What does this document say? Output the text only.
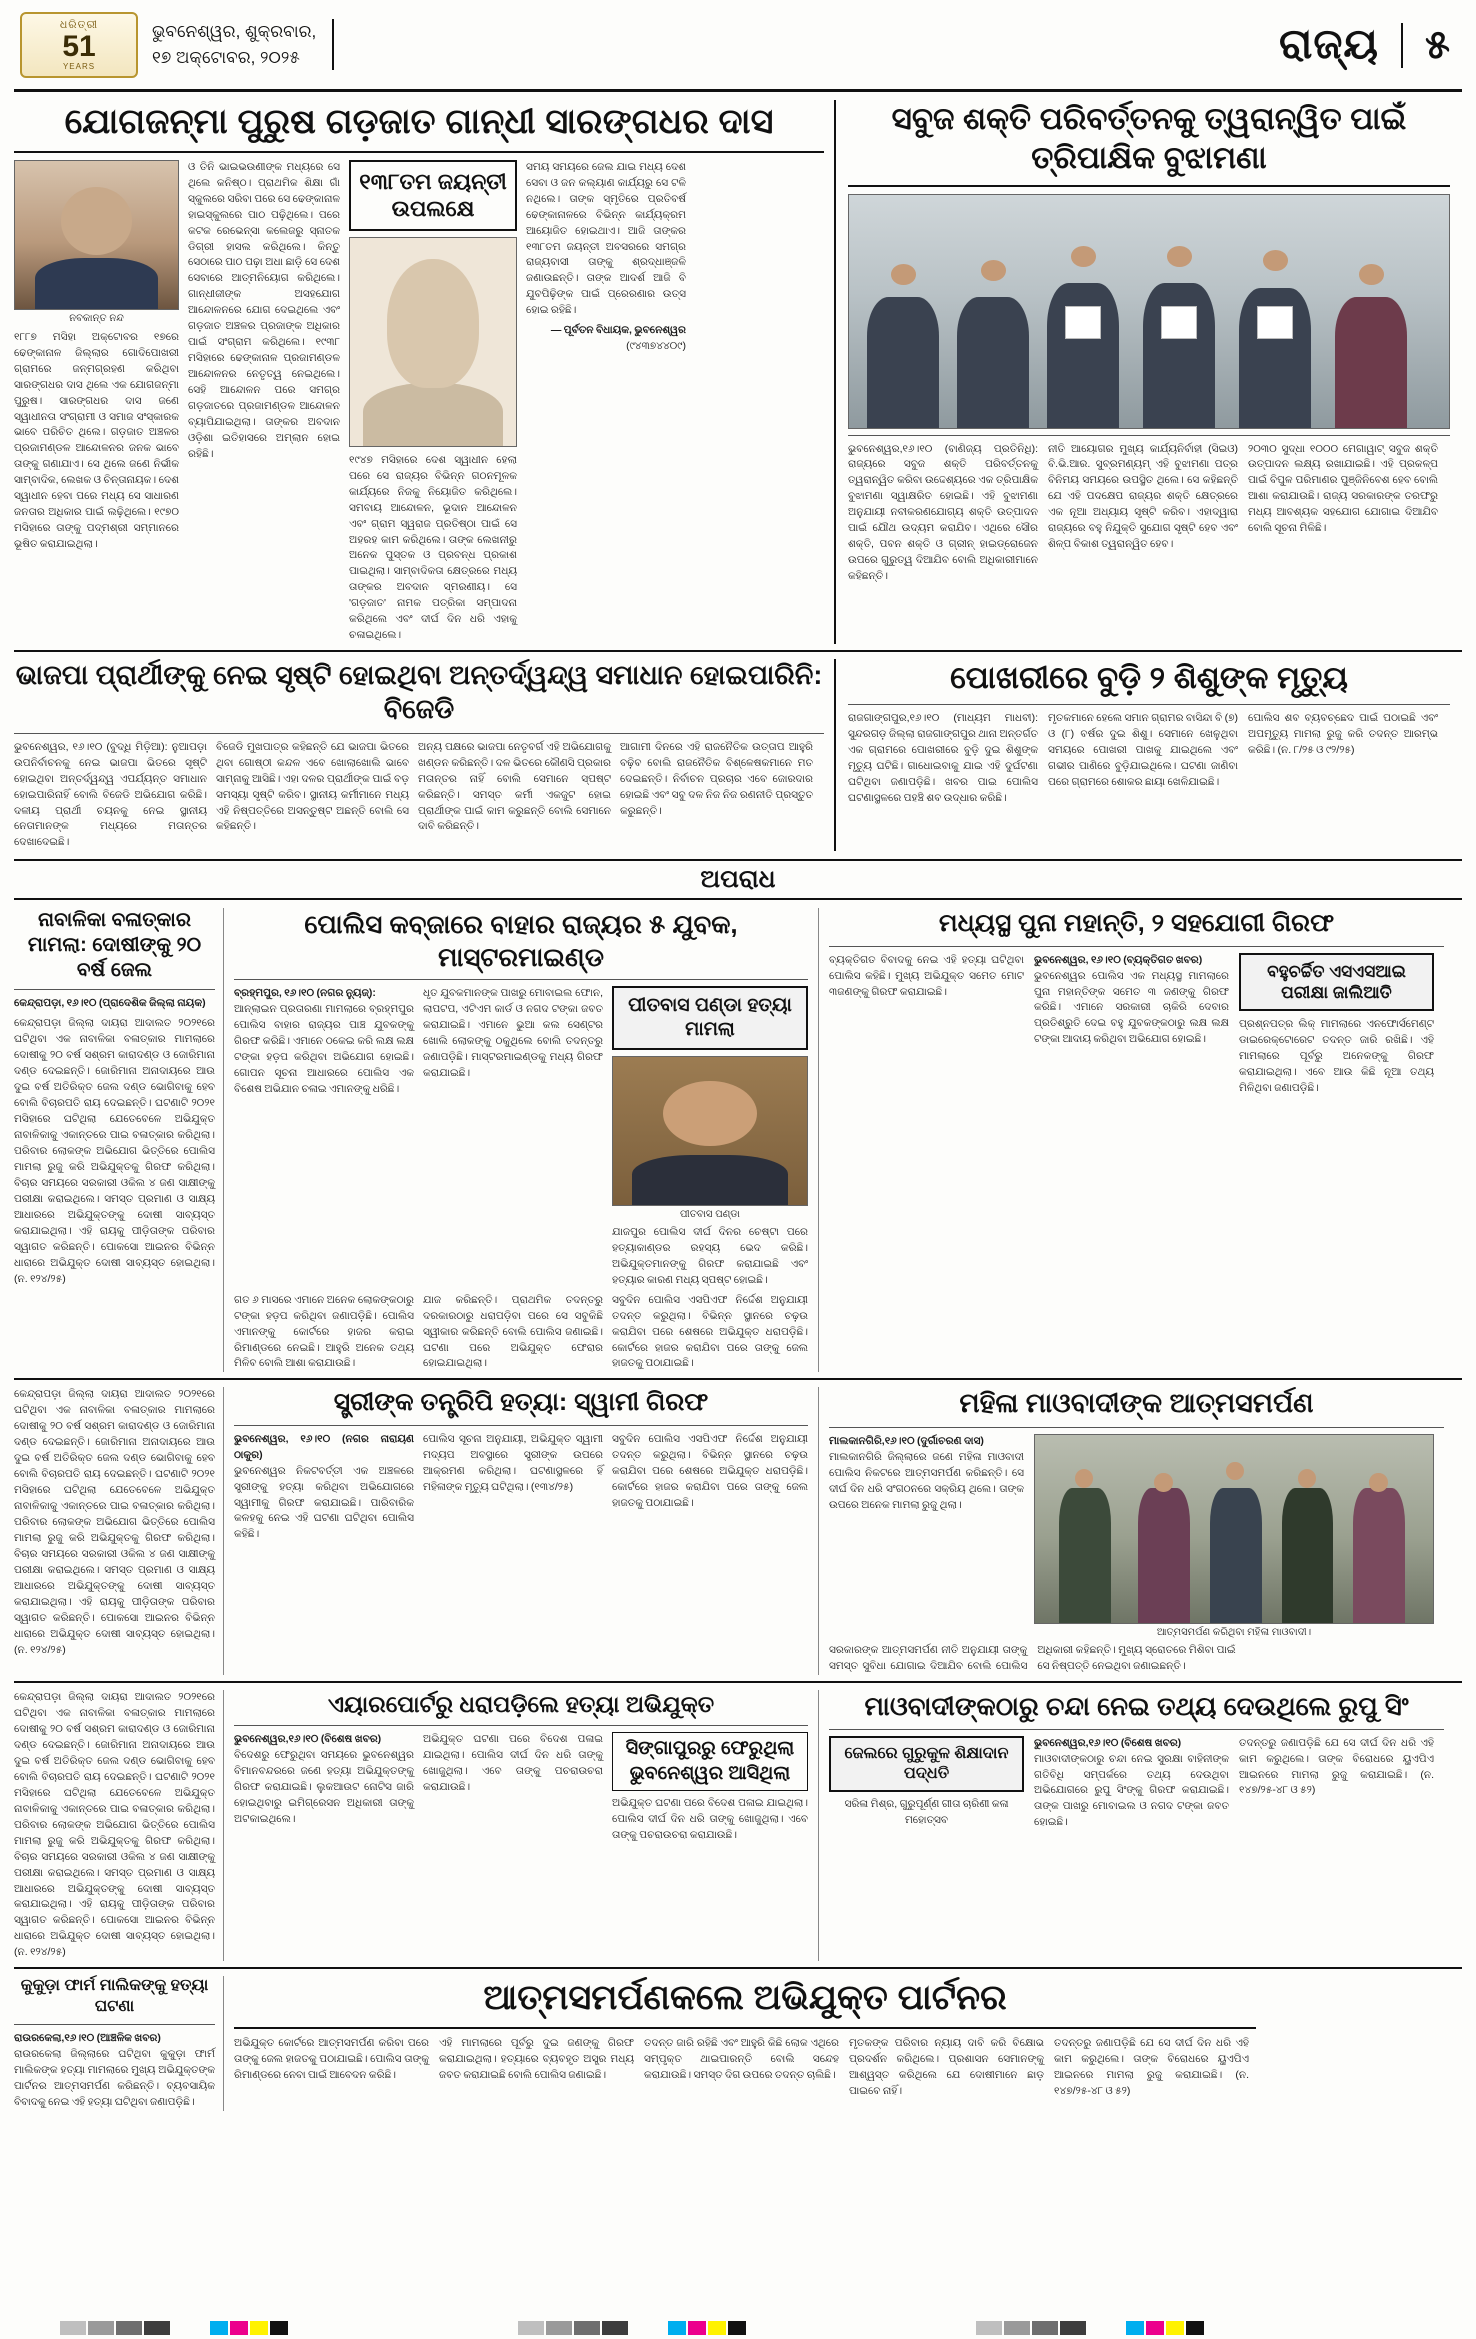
ଧରିତ୍ରୀ
51
YEARS
ଭୁବନେଶ୍ୱର, ଶୁକ୍ରବାର,
୧୭ ଅକ୍ଟୋବର, ୨୦୨୫	ରାଜ୍ୟ	୫
ଯୋଗଜନ୍ମା ପୁରୁଷ ଗଡ଼ଜାତ ଗାନ୍ଧୀ ସାରଙ୍ଗଧର ଦାସ
ନବକାନ୍ତ ନନ୍ଦ
୧୮୮୭ ମସିହା ଅକ୍ଟୋବର ୧୭ରେ ଢେଙ୍କାନାଳ ଜିଲ୍ଲାର ଗୋଦିପୋଖରୀ ଗ୍ରାମରେ ଜନ୍ମଗ୍ରହଣ କରିଥିବା ସାରଙ୍ଗଧର ଦାସ ଥିଲେ ଏକ ଯୋଗଜନ୍ମା ପୁରୁଷ। ସାରଙ୍ଗଧର ଦାସ ଜଣେ ସ୍ୱାଧୀନତା ସଂଗ୍ରାମୀ ଓ ସମାଜ ସଂସ୍କାରକ ଭାବେ ପରିଚିତ ଥିଲେ। ଗଡ଼ଜାତ ଅଞ୍ଚଳର ପ୍ରଜାମଣ୍ଡଳ ଆନ୍ଦୋଳନର ଜନକ ଭାବେ ତାଙ୍କୁ ଗଣାଯାଏ। ସେ ଥିଲେ ଜଣେ ନିର୍ଭୀକ ସାମ୍ବାଦିକ, ଲେଖକ ଓ ଚିନ୍ତାନାୟକ। ଦେଶ ସ୍ୱାଧୀନ ହେବା ପରେ ମଧ୍ୟ ସେ ସାଧାରଣ ଜନତାର ଅଧିକାର ପାଇଁ ଲଢ଼ିଥିଲେ। ୧୯୭୦ ମସିହାରେ ତାଙ୍କୁ ପଦ୍ମଶ୍ରୀ ସମ୍ମାନରେ ଭୂଷିତ କରାଯାଇଥିଲା।
ଓ ତିନି ଭାଇଭଉଣୀଙ୍କ ମଧ୍ୟରେ ସେ ଥିଲେ କନିଷ୍ଠ। ପ୍ରାଥମିକ ଶିକ୍ଷା ଗାଁ ସ୍କୁଲରେ ସରିବା ପରେ ସେ ଢେଙ୍କାନାଳ ହାଇସ୍କୁଲରେ ପାଠ ପଢ଼ିଥିଲେ। ପରେ କଟକ ରେଭେନ୍ସା କଲେଜରୁ ସ୍ନାତକ ଡିଗ୍ରୀ ହାସଲ କରିଥିଲେ। କିନ୍ତୁ ସେଠାରେ ପାଠ ପଢ଼ା ଅଧା ଛାଡ଼ି ସେ ଦେଶ ସେବାରେ ଆତ୍ମନିୟୋଗ କରିଥିଲେ। ଗାନ୍ଧୀଜୀଙ୍କ ଅସହଯୋଗ ଆନ୍ଦୋଳନରେ ଯୋଗ ଦେଇଥିଲେ ଏବଂ ଗଡ଼ଜାତ ଅଞ୍ଚଳର ପ୍ରଜାଙ୍କ ଅଧିକାର ପାଇଁ ସଂଗ୍ରାମ କରିଥିଲେ। ୧୯୩୮ ମସିହାରେ ଢେଙ୍କାନାଳ ପ୍ରଜାମଣ୍ଡଳ ଆନ୍ଦୋଳନର ନେତୃତ୍ୱ ନେଇଥିଲେ। ସେହି ଆନ୍ଦୋଳନ ପରେ ସମଗ୍ର ଗଡ଼ଜାତରେ ପ୍ରଜାମଣ୍ଡଳ ଆନ୍ଦୋଳନ ବ୍ୟାପିଯାଇଥିଲା। ତାଙ୍କର ଅବଦାନ ଓଡ଼ିଶା ଇତିହାସରେ ଅମ୍ଲାନ ହୋଇ ରହିଛି।
୧୩୮ତମ ଜୟନ୍ତୀ ଉପଲକ୍ଷେ
୧୯୪୭ ମସିହାରେ ଦେଶ ସ୍ୱାଧୀନ ହେଲା ପରେ ସେ ରାଜ୍ୟର ବିଭିନ୍ନ ଗଠନମୂଳକ କାର୍ଯ୍ୟରେ ନିଜକୁ ନିୟୋଜିତ କରିଥିଲେ। ସମବାୟ ଆନ୍ଦୋଳନ, ଭୂଦାନ ଆନ୍ଦୋଳନ ଏବଂ ଗ୍ରାମ ସ୍ୱରାଜ ପ୍ରତିଷ୍ଠା ପାଇଁ ସେ ଅହରହ କାମ କରିଥିଲେ। ତାଙ୍କ ଲେଖନୀରୁ ଅନେକ ପୁସ୍ତକ ଓ ପ୍ରବନ୍ଧ ପ୍ରକାଶ ପାଇଥିଲା। ସାମ୍ବାଦିକତା କ୍ଷେତ୍ରରେ ମଧ୍ୟ ତାଙ୍କର ଅବଦାନ ସ୍ମରଣୀୟ। ସେ 'ଗଡ଼ଜାତ' ନାମକ ପତ୍ରିକା ସମ୍ପାଦନା କରିଥିଲେ ଏବଂ ଦୀର୍ଘ ଦିନ ଧରି ଏହାକୁ ଚଳାଇଥିଲେ।
ସମୟ ସମୟରେ ଜେଲ ଯାଇ ମଧ୍ୟ ଦେଶ ସେବା ଓ ଜନ କଲ୍ୟାଣ କାର୍ଯ୍ୟରୁ ସେ ଟଳି ନଥିଲେ। ତାଙ୍କ ସ୍ମୃତିରେ ପ୍ରତିବର୍ଷ ଢେଙ୍କାନାଳରେ ବିଭିନ୍ନ କାର୍ଯ୍ୟକ୍ରମ ଆୟୋଜିତ ହୋଇଥାଏ। ଆଜି ତାଙ୍କର ୧୩୮ତମ ଜୟନ୍ତୀ ଅବସରରେ ସମଗ୍ର ରାଜ୍ୟବାସୀ ତାଙ୍କୁ ଶ୍ରଦ୍ଧାଞ୍ଜଳି ଜଣାଉଛନ୍ତି। ତାଙ୍କ ଆଦର୍ଶ ଆଜି ବି ଯୁବପିଢ଼ିଙ୍କ ପାଇଁ ପ୍ରେରଣାର ଉତ୍ସ ହୋଇ ରହିଛି।
— ପୂର୍ବତନ ବିଧାୟକ, ଭୁବନେଶ୍ୱର
(୯୪୩୭୪୪୦୯)
ସବୁଜ ଶକ୍ତି ପରିବର୍ତ୍ତନକୁ ତ୍ୱରାନ୍ୱିତ ପାଇଁ ତ୍ରିପାକ୍ଷିକ ବୁଝାମଣା
ଭୁବନେଶ୍ୱର,୧୬।୧୦ (ବାଣିଜ୍ୟ ପ୍ରତିନିଧି): ରାଜ୍ୟରେ ସବୁଜ ଶକ୍ତି ପରିବର୍ତ୍ତନକୁ ତ୍ୱରାନ୍ୱିତ କରିବା ଉଦ୍ଦେଶ୍ୟରେ ଏକ ତ୍ରିପାକ୍ଷିକ ବୁଝାମଣା ସ୍ୱାକ୍ଷରିତ ହୋଇଛି। ଏହି ବୁଝାମଣା ଅନୁଯାୟୀ ନବୀକରଣଯୋଗ୍ୟ ଶକ୍ତି ଉତ୍ପାଦନ ପାଇଁ ଯୌଥ ଉଦ୍ୟମ କରାଯିବ। ଏଥିରେ ସୌର ଶକ୍ତି, ପବନ ଶକ୍ତି ଓ ଗ୍ରୀନ୍ ହାଇଡ୍ରୋଜେନ ଉପରେ ଗୁରୁତ୍ୱ ଦିଆଯିବ ବୋଲି ଅଧିକାରୀମାନେ କହିଛନ୍ତି।
ନୀତି ଆୟୋଗର ମୁଖ୍ୟ କାର୍ଯ୍ୟନିର୍ବାହୀ (ସିଇଓ) ବି.ଭି.ଆର. ସୁବ୍ରମଣ୍ୟମ୍ ଏହି ବୁଝାମଣା ପତ୍ର ବିନିମୟ ସମୟରେ ଉପସ୍ଥିତ ଥିଲେ। ସେ କହିଛନ୍ତି ଯେ ଏହି ପଦକ୍ଷେପ ରାଜ୍ୟର ଶକ୍ତି କ୍ଷେତ୍ରରେ ଏକ ନୂଆ ଅଧ୍ୟାୟ ସୃଷ୍ଟି କରିବ। ଏହାଦ୍ୱାରା ରାଜ୍ୟରେ ବହୁ ନିଯୁକ୍ତି ସୁଯୋଗ ସୃଷ୍ଟି ହେବ ଏବଂ ଶିଳ୍ପ ବିକାଶ ତ୍ୱରାନ୍ୱିତ ହେବ।
୨୦୩୦ ସୁଦ୍ଧା ୧୦୦୦ ମେଗାୱାଟ୍ ସବୁଜ ଶକ୍ତି ଉତ୍ପାଦନ ଲକ୍ଷ୍ୟ ରଖାଯାଇଛି। ଏହି ପ୍ରକଳ୍ପ ପାଇଁ ବିପୁଳ ପରିମାଣର ପୁଞ୍ଜିନିବେଶ ହେବ ବୋଲି ଆଶା କରାଯାଉଛି। ରାଜ୍ୟ ସରକାରଙ୍କ ତରଫରୁ ମଧ୍ୟ ଆବଶ୍ୟକ ସହଯୋଗ ଯୋଗାଇ ଦିଆଯିବ ବୋଲି ସୂଚନା ମିଳିଛି।
ଭାଜପା ପ୍ରାର୍ଥୀଙ୍କୁ ନେଇ ସୃଷ୍ଟି ହୋଇଥିବା ଅନ୍ତର୍ଦ୍ୱନ୍ଦ୍ୱ ସମାଧାନ ହୋଇପାରିନି: ବିଜେଡି
ଭୁବନେଶ୍ୱର, ୧୬।୧୦ (ବୁଦ୍ଧି ମିଡ଼ିଆ): ନୁଆପଡ଼ା ଉପନିର୍ବାଚନକୁ ନେଇ ଭାଜପା ଭିତରେ ସୃଷ୍ଟି ହୋଇଥିବା ଅନ୍ତର୍ଦ୍ୱନ୍ଦ୍ୱ ଏପର୍ଯ୍ୟନ୍ତ ସମାଧାନ ହୋଇପାରିନାହିଁ ବୋଲି ବିଜେଡି ଅଭିଯୋଗ କରିଛି। ଦଳୀୟ ପ୍ରାର୍ଥୀ ଚୟନକୁ ନେଇ ସ୍ଥାନୀୟ ନେତାମାନଙ୍କ ମଧ୍ୟରେ ମତାନ୍ତର ଦେଖାଦେଇଛି।
ବିଜେଡି ମୁଖପାତ୍ର କହିଛନ୍ତି ଯେ ଭାଜପା ଭିତରେ ଥିବା ଗୋଷ୍ଠୀ କନ୍ଦଳ ଏବେ ଖୋଲାଖୋଲି ଭାବେ ସାମ୍ନାକୁ ଆସିଛି। ଏହା ଦଳର ପ୍ରାର୍ଥୀଙ୍କ ପାଇଁ ବଡ଼ ସମସ୍ୟା ସୃଷ୍ଟି କରିବ। ସ୍ଥାନୀୟ କର୍ମୀମାନେ ମଧ୍ୟ ଏହି ନିଷ୍ପତ୍ତିରେ ଅସନ୍ତୁଷ୍ଟ ଅଛନ୍ତି ବୋଲି ସେ କହିଛନ୍ତି।
ଅନ୍ୟ ପକ୍ଷରେ ଭାଜପା ନେତୃବର୍ଗ ଏହି ଅଭିଯୋଗକୁ ଖଣ୍ଡନ କରିଛନ୍ତି। ଦଳ ଭିତରେ କୌଣସି ପ୍ରକାର ମତାନ୍ତର ନାହିଁ ବୋଲି ସେମାନେ ସ୍ପଷ୍ଟ କରିଛନ୍ତି। ସମସ୍ତ କର୍ମୀ ଏକଜୁଟ ହୋଇ ପ୍ରାର୍ଥୀଙ୍କ ପାଇଁ କାମ କରୁଛନ୍ତି ବୋଲି ସେମାନେ ଦାବି କରିଛନ୍ତି।
ଆଗାମୀ ଦିନରେ ଏହି ରାଜନୈତିକ ଉତ୍ତାପ ଆହୁରି ବଢ଼ିବ ବୋଲି ରାଜନୈତିକ ବିଶ୍ଳେଷକମାନେ ମତ ଦେଇଛନ୍ତି। ନିର୍ବାଚନ ପ୍ରଚାର ଏବେ ଜୋରଦାର ହୋଇଛି ଏବଂ ସବୁ ଦଳ ନିଜ ନିଜ ରଣନୀତି ପ୍ରସ୍ତୁତ କରୁଛନ୍ତି।
ପୋଖରୀରେ ବୁଡ଼ି ୨ ଶିଶୁଙ୍କ ମୃତ୍ୟୁ
ରାଜଗାଙ୍ଗପୁର,୧୬।୧୦ (ମାଧ୍ୟମ ମାଧବୀ): ସୁନ୍ଦରଗଡ଼ ଜିଲ୍ଲା ରାଜଗାଙ୍ଗପୁର ଥାନା ଅନ୍ତର୍ଗତ ଏକ ଗ୍ରାମରେ ପୋଖରୀରେ ବୁଡ଼ି ଦୁଇ ଶିଶୁଙ୍କ ମୃତ୍ୟୁ ଘଟିଛି। ଗାଧୋଇବାକୁ ଯାଇ ଏହି ଦୁର୍ଘଟଣା ଘଟିଥିବା ଜଣାପଡ଼ିଛି। ଖବର ପାଇ ପୋଲିସ ଘଟଣାସ୍ଥଳରେ ପହଞ୍ଚି ଶବ ଉଦ୍ଧାର କରିଛି।
ମୃତକମାନେ ହେଲେ ସମାନ ଗ୍ରାମର ବାସିନ୍ଦା ବି (୭) ଓ (୮) ବର୍ଷର ଦୁଇ ଶିଶୁ। ସେମାନେ ଖେଳୁଥିବା ସମୟରେ ପୋଖରୀ ପାଖକୁ ଯାଇଥିଲେ ଏବଂ ଗଭୀର ପାଣିରେ ବୁଡ଼ିଯାଇଥିଲେ। ଘଟଣା ଜାଣିବା ପରେ ଗ୍ରାମରେ ଶୋକର ଛାୟା ଖେଳିଯାଇଛି।
ପୋଲିସ ଶବ ବ୍ୟବଚ୍ଛେଦ ପାଇଁ ପଠାଇଛି ଏବଂ ଅପମୃତ୍ୟୁ ମାମଲା ରୁଜୁ କରି ତଦନ୍ତ ଆରମ୍ଭ କରିଛି। (ନ. ୮/୨୫ ଓ ୯୨/୨୫)
ଅପରାଧ
ନାବାଳିକା ବଳାତ୍କାର ମାମଲା: ଦୋଷୀଙ୍କୁ ୨୦ ବର୍ଷ ଜେଲ
କେନ୍ଦ୍ରାପଡ଼ା, ୧୬।୧୦ (ପ୍ରାଦେଶିକ ଜିଲ୍ଲା ନାୟକ)
କେନ୍ଦ୍ରାପଡ଼ା ଜିଲ୍ଲା ଦାୟରା ଆଦାଲତ ୨୦୨୧ରେ ଘଟିଥିବା ଏକ ନାବାଳିକା ବଳାତ୍କାର ମାମଲାରେ ଦୋଷୀକୁ ୨୦ ବର୍ଷ ସଶ୍ରମ କାରାଦଣ୍ଡ ଓ ଜୋରିମାନା ଦଣ୍ଡ ଦେଇଛନ୍ତି। ଜୋରିମାନା ଅନାଦାୟରେ ଆଉ ଦୁଇ ବର୍ଷ ଅତିରିକ୍ତ ଜେଲ ଦଣ୍ଡ ଭୋଗିବାକୁ ହେବ ବୋଲି ବିଚାରପତି ରାୟ ଦେଇଛନ୍ତି। ଘଟଣାଟି ୨୦୨୧ ମସିହାରେ ଘଟିଥିଲା ଯେତେବେଳେ ଅଭିଯୁକ୍ତ ନାବାଳିକାକୁ ଏକାନ୍ତରେ ପାଇ ବଳାତ୍କାର କରିଥିଲା। ପରିବାର ଲୋକଙ୍କ ଅଭିଯୋଗ ଭିତ୍ତିରେ ପୋଲିସ ମାମଲା ରୁଜୁ କରି ଅଭିଯୁକ୍ତକୁ ଗିରଫ କରିଥିଲା। ବିଚାର ସମୟରେ ସରକାରୀ ଓକିଲ ୪ ଜଣ ସାକ୍ଷୀଙ୍କୁ ପରୀକ୍ଷା କରାଇଥିଲେ। ସମସ୍ତ ପ୍ରମାଣ ଓ ସାକ୍ଷ୍ୟ ଆଧାରରେ ଅଭିଯୁକ୍ତଙ୍କୁ ଦୋଷୀ ସାବ୍ୟସ୍ତ କରାଯାଇଥିଲା। ଏହି ରାୟକୁ ପୀଡ଼ିତାଙ୍କ ପରିବାର ସ୍ୱାଗତ କରିଛନ୍ତି। ପୋକସୋ ଆଇନର ବିଭିନ୍ନ ଧାରାରେ ଅଭିଯୁକ୍ତ ଦୋଷୀ ସାବ୍ୟସ୍ତ ହୋଇଥିଲା। (ନ. ୧୨୪/୨୫)
ପୋଲିସ କବ୍ଜାରେ ବାହାର ରାଜ୍ୟର ୫ ଯୁବକ, ମାସ୍ଟରମାଇଣ୍ଡ
ବ୍ରହ୍ମପୁର, ୧୬।୧୦ (ନଗର ନ୍ୟୁଜ୍):
ଆନ୍ଲାଇନ ପ୍ରତାରଣା ମାମଲାରେ ବ୍ରହ୍ମପୁର ପୋଲିସ ବାହାର ରାଜ୍ୟର ପାଞ୍ଚ ଯୁବକଙ୍କୁ ଗିରଫ କରିଛି। ଏମାନେ ଠକେଇ କରି ଲକ୍ଷ ଲକ୍ଷ ଟଙ୍କା ହଡ଼ପ କରିଥିବା ଅଭିଯୋଗ ହୋଇଛି। ଗୋପନ ସୂଚନା ଆଧାରରେ ପୋଲିସ ଏକ ବିଶେଷ ଅଭିଯାନ ଚଳାଇ ଏମାନଙ୍କୁ ଧରିଛି।
ଧୃତ ଯୁବକମାନଙ୍କ ପାଖରୁ ମୋବାଇଲ ଫୋନ, ଲାପଟପ, ଏଟିଏମ କାର୍ଡ ଓ ନଗଦ ଟଙ୍କା ଜବତ କରାଯାଇଛି। ଏମାନେ ଭୁଆ କଲ ସେଣ୍ଟର ଖୋଲି ଲୋକଙ୍କୁ ଠକୁଥିଲେ ବୋଲି ତଦନ୍ତରୁ ଜଣାପଡ଼ିଛି। ମାସ୍ଟରମାଇଣ୍ଡକୁ ମଧ୍ୟ ଗିରଫ କରାଯାଇଛି।
ପୀତବାସ ପଣ୍ଡା ହତ୍ୟା ମାମଲା
ପୀତବାସ ପଣ୍ଡା
ଯାଜପୁର ପୋଲିସ ଦୀର୍ଘ ଦିନର ଚେଷ୍ଟା ପରେ ହତ୍ୟାକାଣ୍ଡର ରହସ୍ୟ ଭେଦ କରିଛି। ଅଭିଯୁକ୍ତମାନଙ୍କୁ ଗିରଫ କରାଯାଇଛି ଏବଂ ହତ୍ୟାର କାରଣ ମଧ୍ୟ ସ୍ପଷ୍ଟ ହୋଇଛି।
ଗତ ୬ ମାସରେ ଏମାନେ ଅନେକ ଲୋକଙ୍କଠାରୁ ଟଙ୍କା ହଡ଼ପ କରିଥିବା ଜଣାପଡ଼ିଛି। ପୋଲିସ ଏମାନଙ୍କୁ କୋର୍ଟରେ ହାଜର କରାଇ ରିମାଣ୍ଡରେ ନେଇଛି। ଆହୁରି ଅନେକ ତଥ୍ୟ ମିଳିବ ବୋଲି ଆଶା କରାଯାଉଛି।
ଯାଜ କରିଛନ୍ତି। ପ୍ରାଥମିକ ତଦନ୍ତରୁ ଦରକାରଠାରୁ ଧରାପଡ଼ିବା ପରେ ସେ ସବୁକିଛି ସ୍ୱୀକାର କରିଛନ୍ତି ବୋଲି ପୋଲିସ ଜଣାଇଛି। ଘଟଣା ପରେ ଅଭିଯୁକ୍ତ ଫେରାର ହୋଇଯାଇଥିଲା।
ସବୁଦିନ ପୋଲିସ ଏସପିଏଫ ନିର୍ଦ୍ଦେଶ ଅନୁଯାୟୀ ତଦନ୍ତ କରୁଥିଲା। ବିଭିନ୍ନ ସ୍ଥାନରେ ଚଢ଼ଉ କରାଯିବା ପରେ ଶେଷରେ ଅଭିଯୁକ୍ତ ଧରାପଡ଼ିଛି। କୋର୍ଟରେ ହାଜର କରାଯିବା ପରେ ତାଙ୍କୁ ଜେଲ ହାଜତକୁ ପଠାଯାଇଛି।
ମଧ୍ୟସ୍ଥ ପୁନା ମହାନ୍ତି, ୨ ସହଯୋଗୀ ଗିରଫ
ବ୍ୟକ୍ତିଗତ ବିବାଦକୁ ନେଇ ଏହି ହତ୍ୟା ଘଟିଥିବା ପୋଲିସ କହିଛି। ମୁଖ୍ୟ ଅଭିଯୁକ୍ତ ସମେତ ମୋଟ ୩ଜଣଙ୍କୁ ଗିରଫ କରାଯାଇଛି।
ଭୁବନେଶ୍ୱର, ୧୬।୧୦ (ବ୍ୟକ୍ତିଗତ ଖବର)
ଭୁବନେଶ୍ୱର ପୋଲିସ ଏକ ମଧ୍ୟସ୍ଥ ମାମଲାରେ ପୁନା ମହାନ୍ତିଙ୍କ ସମେତ ୩ ଜଣଙ୍କୁ ଗିରଫ କରିଛି। ଏମାନେ ସରକାରୀ ଚାକିରି ଦେବାର ପ୍ରତିଶ୍ରୁତି ଦେଇ ବହୁ ଯୁବକଙ୍କଠାରୁ ଲକ୍ଷ ଲକ୍ଷ ଟଙ୍କା ଆଦାୟ କରିଥିବା ଅଭିଯୋଗ ହୋଇଛି।
ବହୁଚର୍ଚ୍ଚିତ ଏସଏସଆଇ ପରୀକ୍ଷା ଜାଲିଆତି
ପ୍ରଶ୍ନପତ୍ର ଲିକ୍ ମାମଲାରେ ଏନଫୋର୍ସମେଣ୍ଟ ଡାଇରେକ୍ଟୋରେଟ ତଦନ୍ତ ଜାରି ରଖିଛି। ଏହି ମାମଲାରେ ପୂର୍ବରୁ ଅନେକଙ୍କୁ ଗିରଫ କରାଯାଇଥିଲା। ଏବେ ଆଉ କିଛି ନୂଆ ତଥ୍ୟ ମିଳିଥିବା ଜଣାପଡ଼ିଛି।
କେନ୍ଦ୍ରାପଡ଼ା ଜିଲ୍ଲା ଦାୟରା ଆଦାଲତ ୨୦୨୧ରେ ଘଟିଥିବା ଏକ ନାବାଳିକା ବଳାତ୍କାର ମାମଲାରେ ଦୋଷୀକୁ ୨୦ ବର୍ଷ ସଶ୍ରମ କାରାଦଣ୍ଡ ଓ ଜୋରିମାନା ଦଣ୍ଡ ଦେଇଛନ୍ତି। ଜୋରିମାନା ଅନାଦାୟରେ ଆଉ ଦୁଇ ବର୍ଷ ଅତିରିକ୍ତ ଜେଲ ଦଣ୍ଡ ଭୋଗିବାକୁ ହେବ ବୋଲି ବିଚାରପତି ରାୟ ଦେଇଛନ୍ତି। ଘଟଣାଟି ୨୦୨୧ ମସିହାରେ ଘଟିଥିଲା ଯେତେବେଳେ ଅଭିଯୁକ୍ତ ନାବାଳିକାକୁ ଏକାନ୍ତରେ ପାଇ ବଳାତ୍କାର କରିଥିଲା। ପରିବାର ଲୋକଙ୍କ ଅଭିଯୋଗ ଭିତ୍ତିରେ ପୋଲିସ ମାମଲା ରୁଜୁ କରି ଅଭିଯୁକ୍ତକୁ ଗିରଫ କରିଥିଲା। ବିଚାର ସମୟରେ ସରକାରୀ ଓକିଲ ୪ ଜଣ ସାକ୍ଷୀଙ୍କୁ ପରୀକ୍ଷା କରାଇଥିଲେ। ସମସ୍ତ ପ୍ରମାଣ ଓ ସାକ୍ଷ୍ୟ ଆଧାରରେ ଅଭିଯୁକ୍ତଙ୍କୁ ଦୋଷୀ ସାବ୍ୟସ୍ତ କରାଯାଇଥିଲା। ଏହି ରାୟକୁ ପୀଡ଼ିତାଙ୍କ ପରିବାର ସ୍ୱାଗତ କରିଛନ୍ତି। ପୋକସୋ ଆଇନର ବିଭିନ୍ନ ଧାରାରେ ଅଭିଯୁକ୍ତ ଦୋଷୀ ସାବ୍ୟସ୍ତ ହୋଇଥିଲା। (ନ. ୧୨୪/୨୫)
ସ୍ତ୍ରୀଙ୍କ ତନ୍ତ୍ରିପି ହତ୍ୟା: ସ୍ୱାମୀ ଗିରଫ
ଭୁବନେଶ୍ୱର, ୧୬।୧୦ (ନଗର ନାରାୟଣ ଠାକୁର)
ଭୁବନେଶ୍ୱର ନିକଟବର୍ତ୍ତୀ ଏକ ଅଞ୍ଚଳରେ ସ୍ତ୍ରୀଙ୍କୁ ହତ୍ୟା କରିଥିବା ଅଭିଯୋଗରେ ସ୍ୱାମୀକୁ ଗିରଫ କରାଯାଇଛି। ପାରିବାରିକ କଳହକୁ ନେଇ ଏହି ଘଟଣା ଘଟିଥିବା ପୋଲିସ କହିଛି।
ପୋଲିସ ସୂଚନା ଅନୁଯାୟୀ, ଅଭିଯୁକ୍ତ ସ୍ୱାମୀ ମଦ୍ୟପ ଅବସ୍ଥାରେ ସ୍ତ୍ରୀଙ୍କ ଉପରେ ଆକ୍ରମଣ କରିଥିଲା। ଘଟଣାସ୍ଥଳରେ ହିଁ ମହିଳାଙ୍କ ମୃତ୍ୟୁ ଘଟିଥିଲା। (୧୩୪/୨୫)
ସବୁଦିନ ପୋଲିସ ଏସପିଏଫ ନିର୍ଦ୍ଦେଶ ଅନୁଯାୟୀ ତଦନ୍ତ କରୁଥିଲା। ବିଭିନ୍ନ ସ୍ଥାନରେ ଚଢ଼ଉ କରାଯିବା ପରେ ଶେଷରେ ଅଭିଯୁକ୍ତ ଧରାପଡ଼ିଛି। କୋର୍ଟରେ ହାଜର କରାଯିବା ପରେ ତାଙ୍କୁ ଜେଲ ହାଜତକୁ ପଠାଯାଇଛି।
ମହିଳା ମାଓବାଦୀଙ୍କ ଆତ୍ମସମର୍ପଣ
ମାଲକାନଗିରି,୧୬।୧୦ (ଦୁର୍ଗାଚରଣ ଦାସ)
ମାଲକାନଗିରି ଜିଲ୍ଲାରେ ଜଣେ ମହିଳା ମାଓବାଦୀ ପୋଲିସ ନିକଟରେ ଆତ୍ମସମର୍ପଣ କରିଛନ୍ତି। ସେ ଦୀର୍ଘ ଦିନ ଧରି ସଂଗଠନରେ ସକ୍ରିୟ ଥିଲେ। ତାଙ୍କ ଉପରେ ଅନେକ ମାମଲା ରୁଜୁ ଥିଲା।
ଆତ୍ମସମର୍ପଣ କରିଥିବା ମହିଳା ମାଓବାଦୀ।
ସରକାରଙ୍କ ଆତ୍ମସମର୍ପଣ ନୀତି ଅନୁଯାୟୀ ତାଙ୍କୁ ସମସ୍ତ ସୁବିଧା ଯୋଗାଇ ଦିଆଯିବ ବୋଲି ପୋଲିସ ଅଧିକାରୀ କହିଛନ୍ତି। ମୁଖ୍ୟ ସ୍ରୋତରେ ମିଶିବା ପାଇଁ ସେ ନିଷ୍ପତ୍ତି ନେଇଥିବା ଜଣାଇଛନ୍ତି।
କେନ୍ଦ୍ରାପଡ଼ା ଜିଲ୍ଲା ଦାୟରା ଆଦାଲତ ୨୦୨୧ରେ ଘଟିଥିବା ଏକ ନାବାଳିକା ବଳାତ୍କାର ମାମଲାରେ ଦୋଷୀକୁ ୨୦ ବର୍ଷ ସଶ୍ରମ କାରାଦଣ୍ଡ ଓ ଜୋରିମାନା ଦଣ୍ଡ ଦେଇଛନ୍ତି। ଜୋରିମାନା ଅନାଦାୟରେ ଆଉ ଦୁଇ ବର୍ଷ ଅତିରିକ୍ତ ଜେଲ ଦଣ୍ଡ ଭୋଗିବାକୁ ହେବ ବୋଲି ବିଚାରପତି ରାୟ ଦେଇଛନ୍ତି। ଘଟଣାଟି ୨୦୨୧ ମସିହାରେ ଘଟିଥିଲା ଯେତେବେଳେ ଅଭିଯୁକ୍ତ ନାବାଳିକାକୁ ଏକାନ୍ତରେ ପାଇ ବଳାତ୍କାର କରିଥିଲା। ପରିବାର ଲୋକଙ୍କ ଅଭିଯୋଗ ଭିତ୍ତିରେ ପୋଲିସ ମାମଲା ରୁଜୁ କରି ଅଭିଯୁକ୍ତକୁ ଗିରଫ କରିଥିଲା। ବିଚାର ସମୟରେ ସରକାରୀ ଓକିଲ ୪ ଜଣ ସାକ୍ଷୀଙ୍କୁ ପରୀକ୍ଷା କରାଇଥିଲେ। ସମସ୍ତ ପ୍ରମାଣ ଓ ସାକ୍ଷ୍ୟ ଆଧାରରେ ଅଭିଯୁକ୍ତଙ୍କୁ ଦୋଷୀ ସାବ୍ୟସ୍ତ କରାଯାଇଥିଲା। ଏହି ରାୟକୁ ପୀଡ଼ିତାଙ୍କ ପରିବାର ସ୍ୱାଗତ କରିଛନ୍ତି। ପୋକସୋ ଆଇନର ବିଭିନ୍ନ ଧାରାରେ ଅଭିଯୁକ୍ତ ଦୋଷୀ ସାବ୍ୟସ୍ତ ହୋଇଥିଲା। (ନ. ୧୨୪/୨୫)
ଏୟାରପୋର୍ଟରୁ ଧରାପଡ଼ିଲେ ହତ୍ୟା ଅଭିଯୁକ୍ତ
ଭୁବନେଶ୍ୱର,୧୬।୧୦ (ବିଶେଷ ଖବର)
ବିଦେଶରୁ ଫେରୁଥିବା ସମୟରେ ଭୁବନେଶ୍ୱର ବିମାନବନ୍ଦରରେ ଜଣେ ହତ୍ୟା ଅଭିଯୁକ୍ତଙ୍କୁ ଗିରଫ କରାଯାଇଛି। ଲୁକଆଉଟ ନୋଟିସ ଜାରି ହୋଇଥିବାରୁ ଇମିଗ୍ରେସନ ଅଧିକାରୀ ତାଙ୍କୁ ଅଟକାଇଥିଲେ।
ଅଭିଯୁକ୍ତ ଘଟଣା ପରେ ବିଦେଶ ପଳାଇ ଯାଇଥିଲା। ପୋଲିସ ଦୀର୍ଘ ଦିନ ଧରି ତାଙ୍କୁ ଖୋଜୁଥିଲା। ଏବେ ତାଙ୍କୁ ପଚରାଉଚରା କରାଯାଉଛି।
ସିଙ୍ଗାପୁରରୁ ଫେରୁଥିଲା ଭୁବନେଶ୍ୱର ଆସିଥିଲା
ଅଭିଯୁକ୍ତ ଘଟଣା ପରେ ବିଦେଶ ପଳାଇ ଯାଇଥିଲା। ପୋଲିସ ଦୀର୍ଘ ଦିନ ଧରି ତାଙ୍କୁ ଖୋଜୁଥିଲା। ଏବେ ତାଙ୍କୁ ପଚରାଉଚରା କରାଯାଉଛି।
ମାଓବାଦୀଙ୍କଠାରୁ ଚନ୍ଦା ନେଇ ତଥ୍ୟ ଦେଉଥିଲେ ରୁପୁ ସିଂ
ଜେଲରେ ଗୁରୁକୁଳ ଶିକ୍ଷାଦାନ ପଦ୍ଧତି
ସରିଳା ମିଶ୍ର, ଗୁରୁପୂର୍ଣ୍ଣ ଗୀତା ଚାରିଣୀ କଳା ମହୋତ୍ସବ
ଭୁବନେଶ୍ୱର,୧୬।୧୦ (ବିଶେଷ ଖବର)
ମାଓବାଦୀଙ୍କଠାରୁ ଚନ୍ଦା ନେଇ ସୁରକ୍ଷା ବାହିନୀଙ୍କ ଗତିବିଧି ସମ୍ପର୍କରେ ତଥ୍ୟ ଦେଉଥିବା ଅଭିଯୋଗରେ ରୁପୁ ସିଂଙ୍କୁ ଗିରଫ କରାଯାଇଛି। ତାଙ୍କ ପାଖରୁ ମୋବାଇଲ ଓ ନଗଦ ଟଙ୍କା ଜବତ ହୋଇଛି।
ତଦନ୍ତରୁ ଜଣାପଡ଼ିଛି ଯେ ସେ ଦୀର୍ଘ ଦିନ ଧରି ଏହି କାମ କରୁଥିଲେ। ତାଙ୍କ ବିରୋଧରେ ୟୁଏପିଏ ଆଇନରେ ମାମଲା ରୁଜୁ କରାଯାଇଛି। (ନ. ୧୪୭/୨୫-୪୮ ଓ ୫୨)
କୁକୁଡ଼ା ଫାର୍ମ ମାଲିକଙ୍କୁ ହତ୍ୟା ଘଟଣା
ରାଉରକେଲା,୧୬।୧୦ (ଆଞ୍ଚଳିକ ଖବର)
ରାଉରକେଲା ଜିଲ୍ଲାରେ ଘଟିଥିବା କୁକୁଡ଼ା ଫାର୍ମ ମାଲିକଙ୍କ ହତ୍ୟା ମାମଲାରେ ମୁଖ୍ୟ ଅଭିଯୁକ୍ତଙ୍କ ପାର୍ଟନର ଆତ୍ମସମର୍ପଣ କରିଛନ୍ତି। ବ୍ୟବସାୟିକ ବିବାଦକୁ ନେଇ ଏହି ହତ୍ୟା ଘଟିଥିବା ଜଣାପଡ଼ିଛି।
ଆତ୍ମସମର୍ପଣକଲେ ଅଭିଯୁକ୍ତ ପାର୍ଟନର
ଅଭିଯୁକ୍ତ କୋର୍ଟରେ ଆତ୍ମସମର୍ପଣ କରିବା ପରେ ତାଙ୍କୁ ଜେଲ ହାଜତକୁ ପଠାଯାଇଛି। ପୋଲିସ ତାଙ୍କୁ ରିମାଣ୍ଡରେ ନେବା ପାଇଁ ଆବେଦନ କରିଛି।
ଏହି ମାମଲାରେ ପୂର୍ବରୁ ଦୁଇ ଜଣଙ୍କୁ ଗିରଫ କରାଯାଇଥିଲା। ହତ୍ୟାରେ ବ୍ୟବହୃତ ଅସ୍ତ୍ର ମଧ୍ୟ ଜବତ କରାଯାଇଛି ବୋଲି ପୋଲିସ ଜଣାଇଛି।
ତଦନ୍ତ ଜାରି ରହିଛି ଏବଂ ଆହୁରି କିଛି ଲୋକ ଏଥିରେ ସମ୍ପୃକ୍ତ ଥାଇପାରନ୍ତି ବୋଲି ସନ୍ଦେହ କରାଯାଉଛି। ସମସ୍ତ ଦିଗ ଉପରେ ତଦନ୍ତ ଚାଲିଛି।
ମୃତକଙ୍କ ପରିବାର ନ୍ୟାୟ ଦାବି କରି ବିକ୍ଷୋଭ ପ୍ରଦର୍ଶନ କରିଥିଲେ। ପ୍ରଶାସନ ସେମାନଙ୍କୁ ଆଶ୍ୱସ୍ତ କରିଥିଲେ ଯେ ଦୋଷୀମାନେ ଛାଡ଼ ପାଇବେ ନାହିଁ।
ତଦନ୍ତରୁ ଜଣାପଡ଼ିଛି ଯେ ସେ ଦୀର୍ଘ ଦିନ ଧରି ଏହି କାମ କରୁଥିଲେ। ତାଙ୍କ ବିରୋଧରେ ୟୁଏପିଏ ଆଇନରେ ମାମଲା ରୁଜୁ କରାଯାଇଛି। (ନ. ୧୪୭/୨୫-୪୮ ଓ ୫୨)
